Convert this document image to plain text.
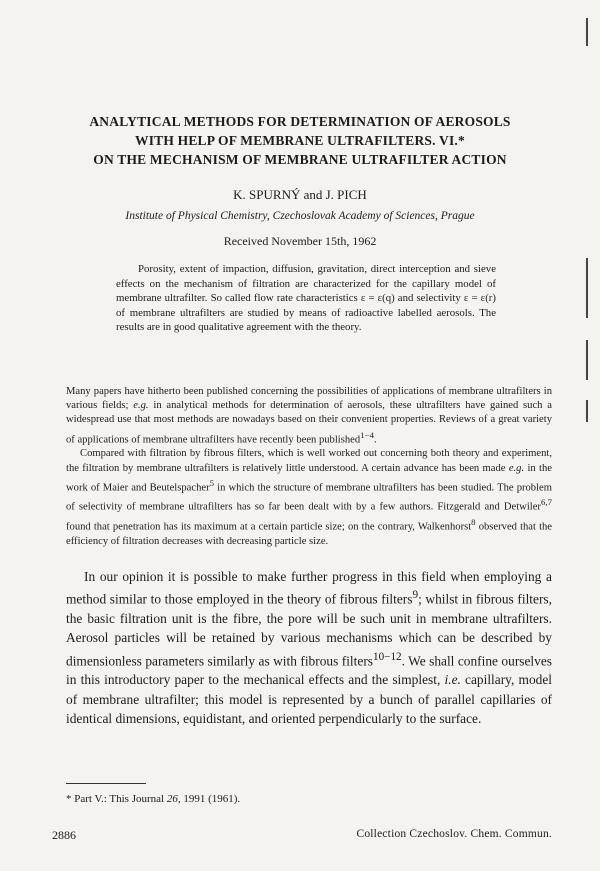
ANALYTICAL METHODS FOR DETERMINATION OF AEROSOLS
WITH HELP OF MEMBRANE ULTRAFILTERS. VI.*
ON THE MECHANISM OF MEMBRANE ULTRAFILTER ACTION
K. SPURNÝ and J. PICH
Institute of Physical Chemistry, Czechoslovak Academy of Sciences, Prague
Received November 15th, 1962

Porosity, extent of impaction, diffusion, gravitation, direct interception and sieve effects on the mechanism of filtration are characterized for the capillary model of membrane ultrafilter. So called flow rate characteristics ε = ε(q) and selectivity ε = ε(r) of membrane ultrafilters are studied by means of radioactive labelled aerosols. The results are in good qualitative agreement with the theory.

Many papers have hitherto been published concerning the possibilities of applications of membrane ultrafilters in various fields; e.g. in analytical methods for determination of aerosols, these ultrafilters have gained such a widespread use that most methods are nowadays based on their convenient properties. Reviews of a great variety of applications of membrane ultrafilters have recently been published$^{1-4}$.

Compared with filtration by fibrous filters, which is well worked out concerning both theory and experiment, the filtration by membrane ultrafilters is relatively little understood. A certain advance has been made e.g. in the work of Maier and Beutelspacher$^5$ in which the structure of membrane ultrafilters has been studied. The problem of selectivity of membrane ultrafilters has so far been dealt with by a few authors. Fitzgerald and Detwiler$^{6,7}$ found that penetration has its maximum at a certain particle size; on the contrary, Walkenhorst$^8$ observed that the efficiency of filtration decreases with decreasing particle size.

In our opinion it is possible to make further progress in this field when employing a method similar to those employed in the theory of fibrous filters$^9$; whilst in fibrous filters, the basic filtration unit is the fibre, the pore will be such unit in membrane ultrafilters. Aerosol particles will be retained by various mechanisms which can be described by dimensionless parameters similarly as with fibrous filters$^{10-12}$. We shall confine ourselves in this introductory paper to the mechanical effects and the simplest, i.e. capillary, model of membrane ultrafilter; this model is represented by a bunch of parallel capillaries of identical dimensions, equidistant, and oriented perpendicularly to the surface.

* Part V.: This Journal 26, 1991 (1961).

2886	Collection Czechoslov. Chem. Commun.
